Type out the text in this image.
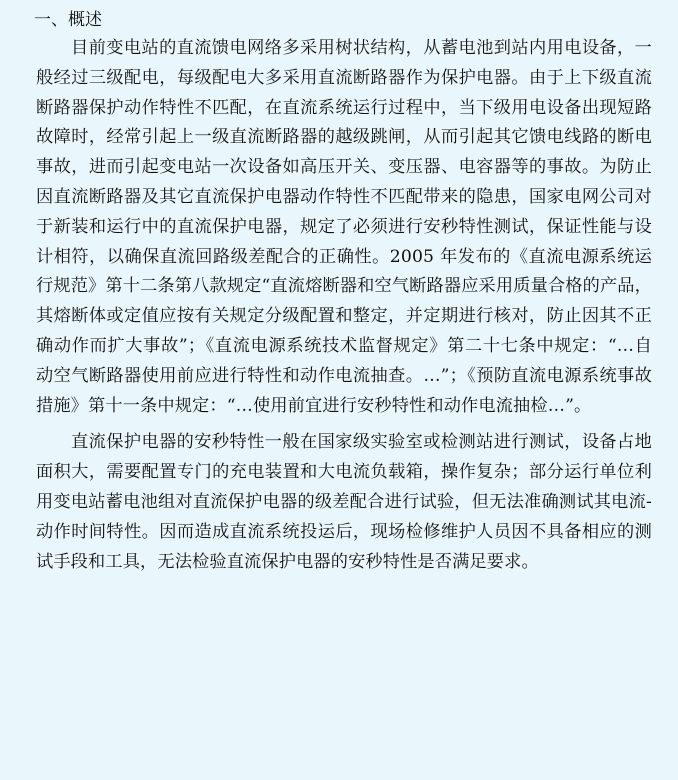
一、概述

目前变电站的直流馈电网络多采用树状结构，从蓄电池到站内用电设备，一般经过三级配电，每级配电大多采用直流断路器作为保护电器。由于上下级直流断路器保护动作特性不匹配，在直流系统运行过程中，当下级用电设备出现短路故障时，经常引起上一级直流断路器的越级跳闸，从而引起其它馈电线路的断电事故，进而引起变电站一次设备如高压开关、变压器、电容器等的事故。为防止因直流断路器及其它直流保护电器动作特性不匹配带来的隐患，国家电网公司对于新装和运行中的直流保护电器，规定了必须进行安秒特性测试，保证性能与设计相符，以确保直流回路级差配合的正确性。2005 年发布的《直流电源系统运行规范》第十二条第八款规定“直流熔断器和空气断路器应采用质量合格的产品，其熔断体或定值应按有关规定分级配置和整定，并定期进行核对，防止因其不正确动作而扩大事故”；《直流电源系统技术监督规定》第二十七条中规定：“…自动空气断路器使用前应进行特性和动作电流抽查。…”；《预防直流电源系统事故措施》第十一条中规定：“…使用前宜进行安秒特性和动作电流抽检…”。

直流保护电器的安秒特性一般在国家级实验室或检测站进行测试，设备占地面积大，需要配置专门的充电装置和大电流负载箱，操作复杂；部分运行单位利用变电站蓄电池组对直流保护电器的级差配合进行试验，但无法准确测试其电流-动作时间特性。因而造成直流系统投运后，现场检修维护人员因不具备相应的测试手段和工具，无法检验直流保护电器的安秒特性是否满足要求。
